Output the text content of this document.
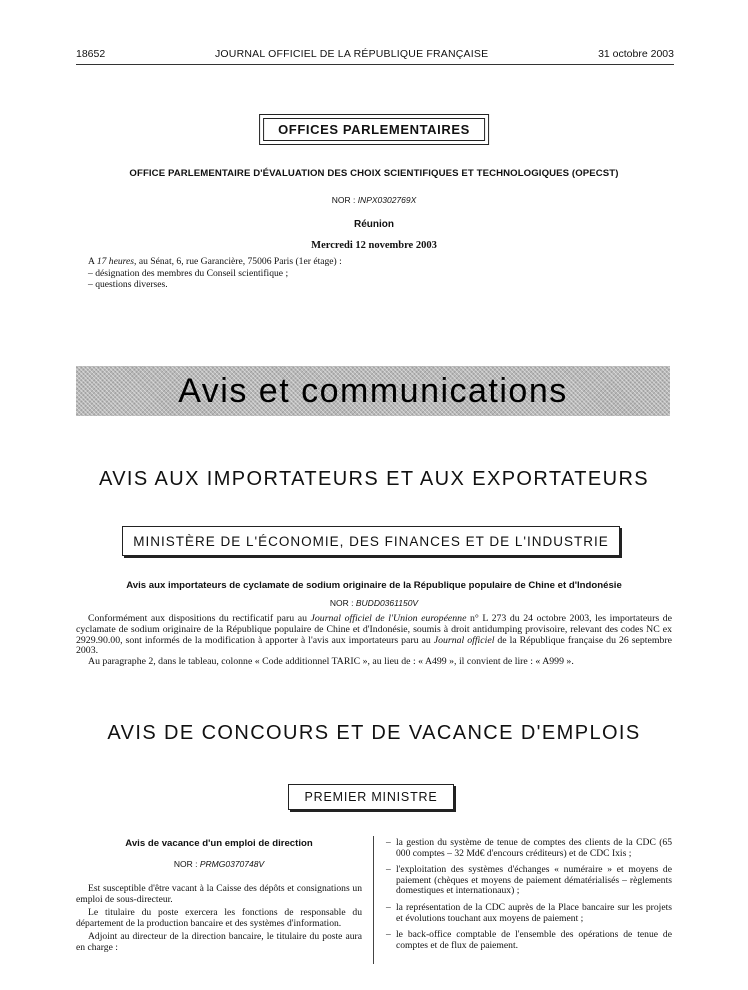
18652	JOURNAL OFFICIEL DE LA RÉPUBLIQUE FRANÇAISE	31 octobre 2003
OFFICES PARLEMENTAIRES
OFFICE PARLEMENTAIRE D'ÉVALUATION DES CHOIX SCIENTIFIQUES ET TECHNOLOGIQUES (OPECST)
NOR : INPX0302769X
Réunion
Mercredi 12 novembre 2003
A 17 heures, au Sénat, 6, rue Garancière, 75006 Paris (1er étage) :
– désignation des membres du Conseil scientifique ;
– questions diverses.
Avis et communications
AVIS AUX IMPORTATEURS ET AUX EXPORTATEURS
MINISTÈRE DE L'ÉCONOMIE, DES FINANCES ET DE L'INDUSTRIE
Avis aux importateurs de cyclamate de sodium originaire de la République populaire de Chine et d'Indonésie
NOR : BUDD0361150V

Conformément aux dispositions du rectificatif paru au Journal officiel de l'Union européenne n° L 273 du 24 octobre 2003, les importateurs de cyclamate de sodium originaire de la République populaire de Chine et d'Indonésie, soumis à droit antidumping provisoire, relevant des codes NC ex 2929.90.00, sont informés de la modification à apporter à l'avis aux importateurs paru au Journal officiel de la République française du 26 septembre 2003.

Au paragraphe 2, dans le tableau, colonne « Code additionnel TARIC », au lieu de : « A499 », il convient de lire : « A999 ».

AVIS DE CONCOURS ET DE VACANCE D'EMPLOIS
PREMIER MINISTRE
Avis de vacance d'un emploi de direction
NOR : PRMG0370748V

Est susceptible d'être vacant à la Caisse des dépôts et consignations un emploi de sous-directeur.

Le titulaire du poste exercera les fonctions de responsable du département de la production bancaire et des systèmes d'information.

Adjoint au directeur de la direction bancaire, le titulaire du poste aura en charge :

– la gestion du système de tenue de comptes des clients de la CDC (65 000 comptes – 32 Md€ d'encours créditeurs) et de CDC Ixis ;
– l'exploitation des systèmes d'échanges « numéraire » et moyens de paiement (chèques et moyens de paiement dématérialisés – règlements domestiques et internationaux) ;
– la représentation de la CDC auprès de la Place bancaire sur les projets et évolutions touchant aux moyens de paiement ;
– le back-office comptable de l'ensemble des opérations de tenue de comptes et de flux de paiement.
